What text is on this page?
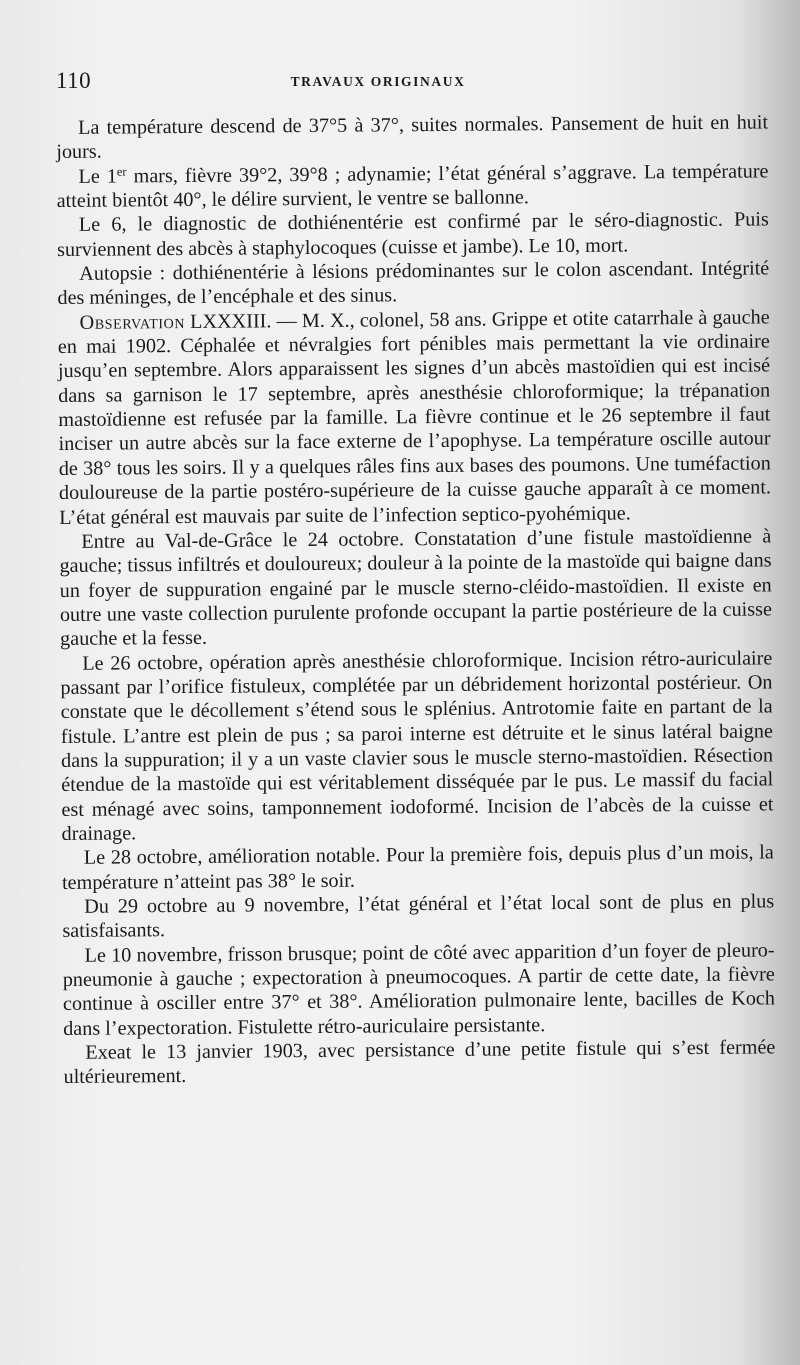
110	TRAVAUX ORIGINAUX

La température descend de 37°5 à 37°, suites normales. Pansement de huit en huit jours.

Le 1er mars, fièvre 39°2, 39°8 ; adynamie; l’état général s’aggrave. La température atteint bientôt 40°, le délire survient, le ventre se ballonne.

Le 6, le diagnostic de dothiénentérie est confirmé par le séro-diagnostic. Puis surviennent des abcès à staphylocoques (cuisse et jambe). Le 10, mort.

Autopsie : dothiénentérie à lésions prédominantes sur le colon ascendant. Intégrité des méninges, de l’encéphale et des sinus.

Observation LXXXIII. — M. X., colonel, 58 ans. Grippe et otite catarrhale à gauche en mai 1902. Céphalée et névralgies fort pénibles mais permettant la vie ordinaire jusqu’en septembre. Alors apparaissent les signes d’un abcès mastoïdien qui est incisé dans sa garnison le 17 septembre, après anesthésie chloroformique; la trépanation mastoïdienne est refusée par la famille. La fièvre continue et le 26 septembre il faut inciser un autre abcès sur la face externe de l’apophyse. La température oscille autour de 38° tous les soirs. Il y a quelques râles fins aux bases des poumons. Une tuméfaction douloureuse de la partie postéro-supérieure de la cuisse gauche apparaît à ce moment. L’état général est mauvais par suite de l’infection septico-pyohémique.

Entre au Val-de-Grâce le 24 octobre. Constatation d’une fistule mastoïdienne à gauche; tissus infiltrés et douloureux; douleur à la pointe de la mastoïde qui baigne dans un foyer de suppuration engainé par le muscle sterno-cléido-mastoïdien. Il existe en outre une vaste collection purulente profonde occupant la partie postérieure de la cuisse gauche et la fesse.

Le 26 octobre, opération après anesthésie chloroformique. Incision rétro-auriculaire passant par l’orifice fistuleux, complétée par un débridement horizontal postérieur. On constate que le décollement s’étend sous le splénius. Antrotomie faite en partant de la fistule. L’antre est plein de pus ; sa paroi interne est détruite et le sinus latéral baigne dans la suppuration; il y a un vaste clavier sous le muscle sterno-mastoïdien. Résection étendue de la mastoïde qui est véritablement disséquée par le pus. Le massif du facial est ménagé avec soins, tamponnement iodoformé. Incision de l’abcès de la cuisse et drainage.

Le 28 octobre, amélioration notable. Pour la première fois, depuis plus d’un mois, la température n’atteint pas 38° le soir.

Du 29 octobre au 9 novembre, l’état général et l’état local sont de plus en plus satisfaisants.

Le 10 novembre, frisson brusque; point de côté avec apparition d’un foyer de pleuro-pneumonie à gauche ; expectoration à pneumocoques. A partir de cette date, la fièvre continue à osciller entre 37° et 38°. Amélioration pulmonaire lente, bacilles de Koch dans l’expectoration. Fistulette rétro-auriculaire persistante.

Exeat le 13 janvier 1903, avec persistance d’une petite fistule qui s’est fermée ultérieurement.
